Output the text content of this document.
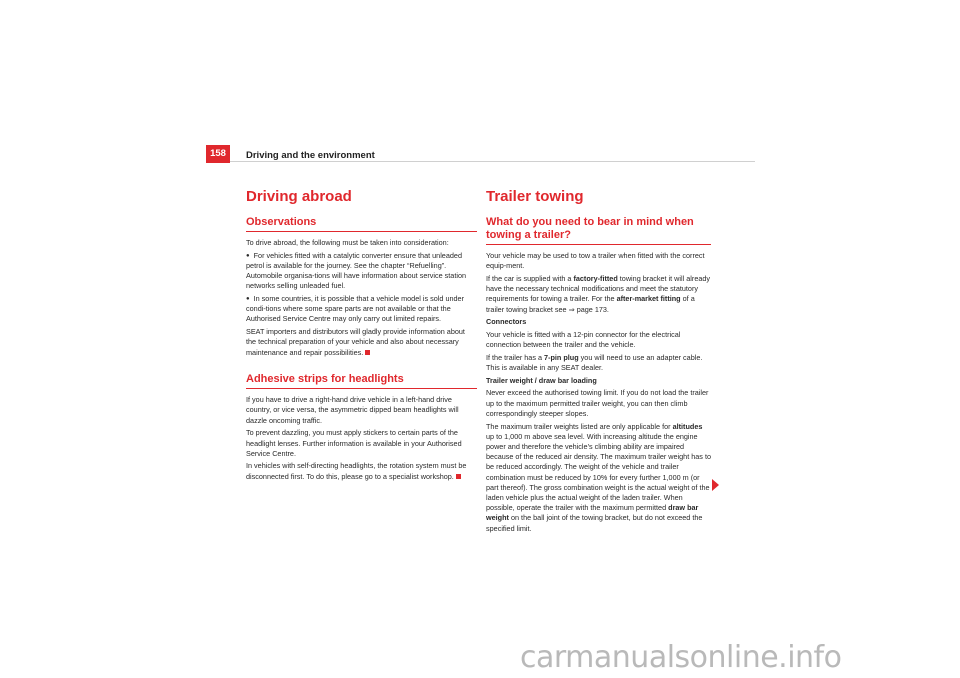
158	Driving and the environment
Driving abroad
Observations

To drive abroad, the following must be taken into consideration:

● For vehicles fitted with a catalytic converter ensure that unleaded petrol is available for the journey. See the chapter “Refuelling”. Automobile organisa-tions will have information about service station networks selling unleaded fuel.

● In some countries, it is possible that a vehicle model is sold under condi-tions where some spare parts are not available or that the Authorised Service Centre may only carry out limited repairs.

SEAT importers and distributors will gladly provide information about the technical preparation of your vehicle and also about necessary maintenance and repair possibilities.

Adhesive strips for headlights

If you have to drive a right-hand drive vehicle in a left-hand drive country, or vice versa, the asymmetric dipped beam headlights will dazzle oncoming traffic.

To prevent dazzling, you must apply stickers to certain parts of the headlight lenses. Further information is available in your Authorised Service Centre.

In vehicles with self-directing headlights, the rotation system must be disconnected first. To do this, please go to a specialist workshop.

Trailer towing
What do you need to bear in mind when towing a trailer?

Your vehicle may be used to tow a trailer when fitted with the correct equip-ment.

If the car is supplied with a factory-fitted towing bracket it will already have the necessary technical modifications and meet the statutory requirements for towing a trailer. For the after-market fitting of a trailer towing bracket see ⇒ page 173.

Connectors

Your vehicle is fitted with a 12-pin connector for the electrical connection between the trailer and the vehicle.

If the trailer has a 7-pin plug you will need to use an adapter cable. This is available in any SEAT dealer.

Trailer weight / draw bar loading

Never exceed the authorised towing limit. If you do not load the trailer up to the maximum permitted trailer weight, you can then climb correspondingly steeper slopes.

The maximum trailer weights listed are only applicable for altitudes up to 1,000 m above sea level. With increasing altitude the engine power and therefore the vehicle's climbing ability are impaired because of the reduced air density. The maximum trailer weight has to be reduced accordingly. The weight of the vehicle and trailer combination must be reduced by 10% for every further 1,000 m (or part thereof). The gross combination weight is the actual weight of the laden vehicle plus the actual weight of the laden trailer. When possible, operate the trailer with the maximum permitted draw bar weight on the ball joint of the towing bracket, but do not exceed the specified limit.

carmanualsonline.info
